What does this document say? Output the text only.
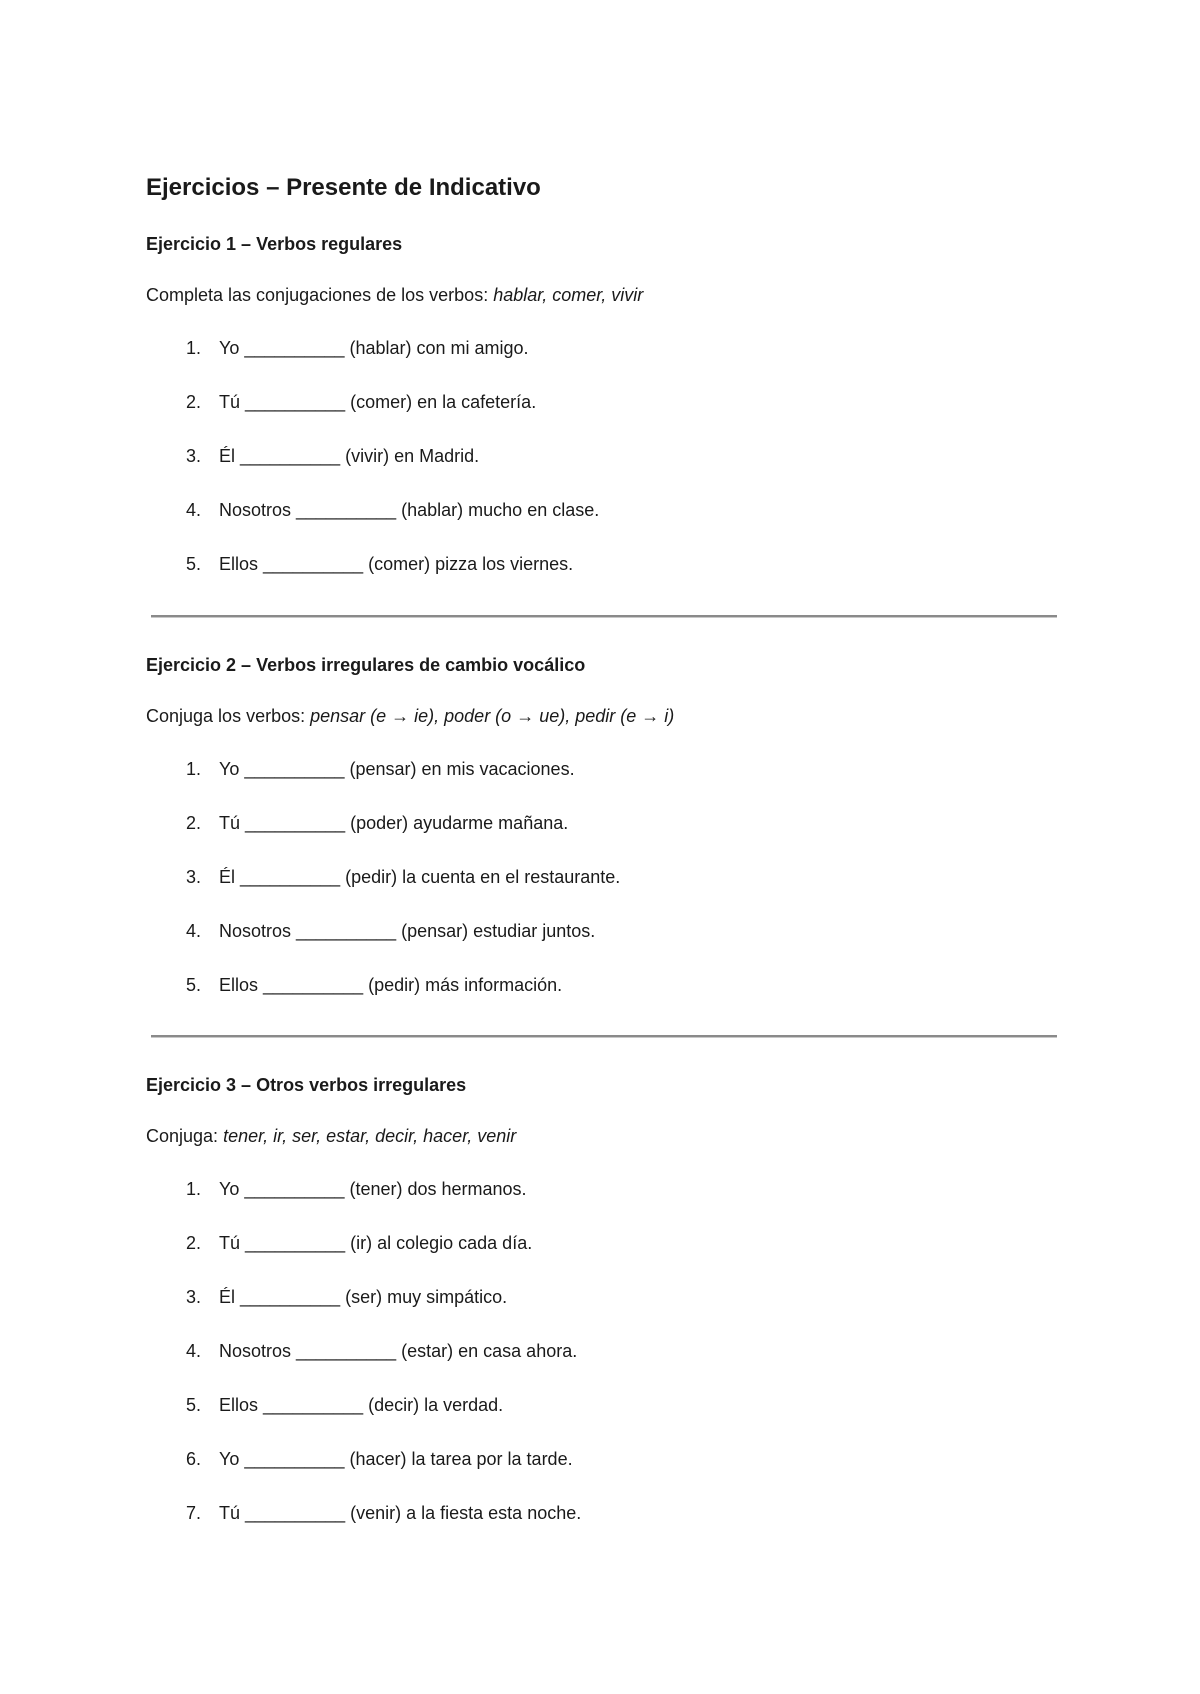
Ejercicios – Presente de Indicativo
Ejercicio 1 – Verbos regulares
Completa las conjugaciones de los verbos: hablar, comer, vivir
1. Yo __________ (hablar) con mi amigo.
2. Tú __________ (comer) en la cafetería.
3. Él __________ (vivir) en Madrid.
4. Nosotros __________ (hablar) mucho en clase.
5. Ellos __________ (comer) pizza los viernes.
Ejercicio 2 – Verbos irregulares de cambio vocálico
Conjuga los verbos: pensar (e → ie), poder (o → ue), pedir (e → i)
1. Yo __________ (pensar) en mis vacaciones.
2. Tú __________ (poder) ayudarme mañana.
3. Él __________ (pedir) la cuenta en el restaurante.
4. Nosotros __________ (pensar) estudiar juntos.
5. Ellos __________ (pedir) más información.
Ejercicio 3 – Otros verbos irregulares
Conjuga: tener, ir, ser, estar, decir, hacer, venir
1. Yo __________ (tener) dos hermanos.
2. Tú __________ (ir) al colegio cada día.
3. Él __________ (ser) muy simpático.
4. Nosotros __________ (estar) en casa ahora.
5. Ellos __________ (decir) la verdad.
6. Yo __________ (hacer) la tarea por la tarde.
7. Tú __________ (venir) a la fiesta esta noche.
